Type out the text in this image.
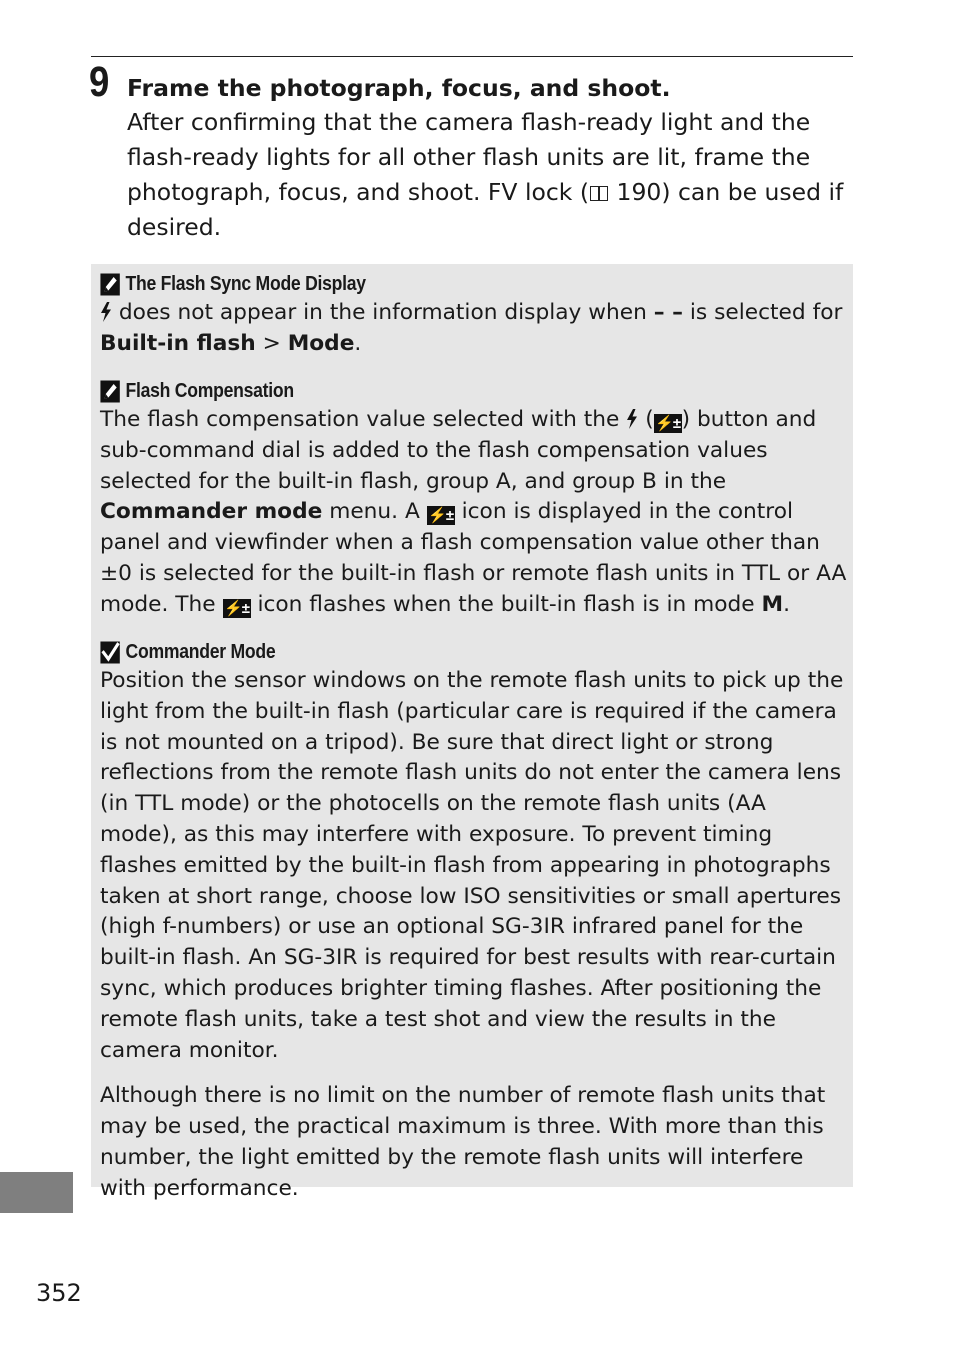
9 Frame the photograph, focus, and shoot.

After confirming that the camera flash-ready light and the flash-ready lights for all other flash units are lit, frame the photograph, focus, and shoot. FV lock ( 190) can be used if desired.

The Flash Sync Mode Display

does not appear in the information display when – – is selected for Built-in flash > Mode.

Flash Compensation

The flash compensation value selected with the ( ⚡±) button and sub-command dial is added to the flash compensation values selected for the built-in flash, group A, and group B in the Commander mode menu. A ⚡± icon is displayed in the control panel and viewfinder when a flash compensation value other than ±0 is selected for the built-in flash or remote flash units in TTL or AA mode. The ⚡± icon flashes when the built-in flash is in mode M.

Commander Mode

Position the sensor windows on the remote flash units to pick up the light from the built-in flash (particular care is required if the camera is not mounted on a tripod). Be sure that direct light or strong reflections from the remote flash units do not enter the camera lens (in TTL mode) or the photocells on the remote flash units (AA mode), as this may interfere with exposure. To prevent timing flashes emitted by the built-in flash from appearing in photographs taken at short range, choose low ISO sensitivities or small apertures (high f-numbers) or use an optional SG-3IR infrared panel for the built-in flash. An SG-3IR is required for best results with rear-curtain sync, which produces brighter timing flashes. After positioning the remote flash units, take a test shot and view the results in the camera monitor.

Although there is no limit on the number of remote flash units that may be used, the practical maximum is three. With more than this number, the light emitted by the remote flash units will interfere with performance.

352
